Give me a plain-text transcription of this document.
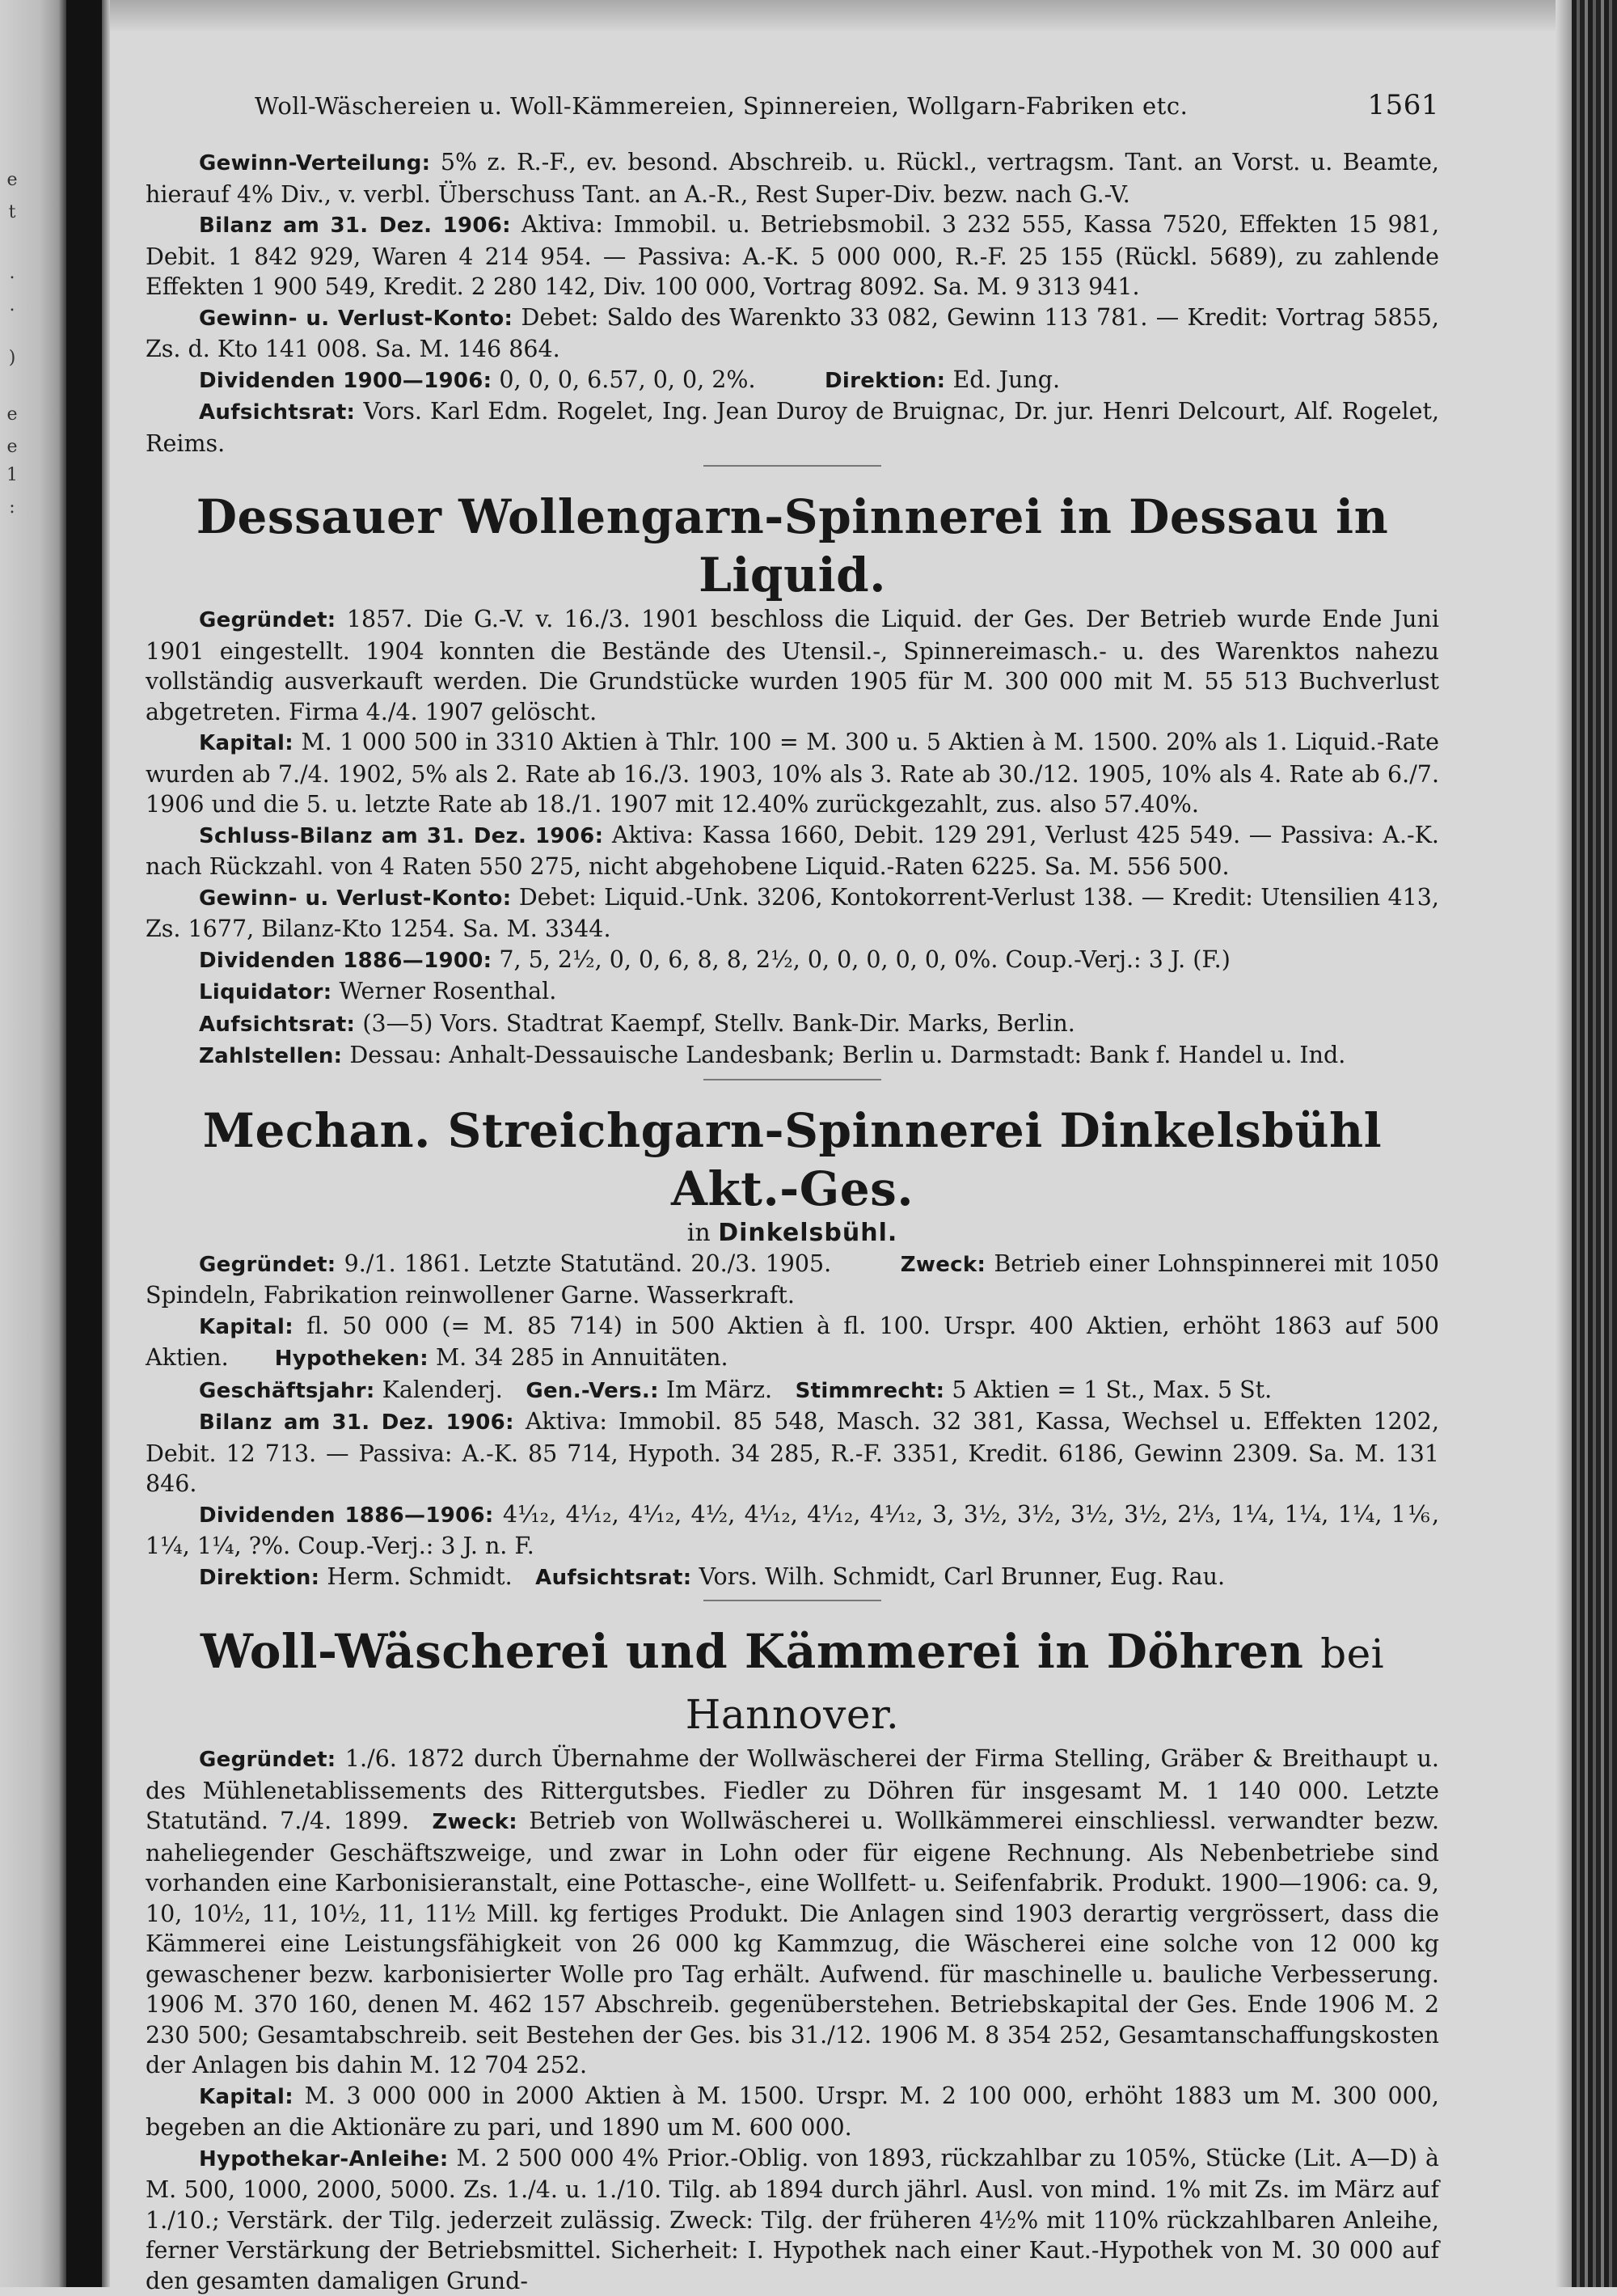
e
t
.
.
)
e
e
1
:
Woll-Wäschereien u. Woll-Kämmereien, Spinnereien, Wollgarn-Fabriken etc.	1561

Gewinn-Verteilung: 5% z. R.-F., ev. besond. Abschreib. u. Rückl., vertragsm. Tant. an Vorst. u. Beamte, hierauf 4% Div., v. verbl. Überschuss Tant. an A.-R., Rest Super-Div. bezw. nach G.-V.

Bilanz am 31. Dez. 1906: Aktiva: Immobil. u. Betriebsmobil. 3 232 555, Kassa 7520, Effekten 15 981, Debit. 1 842 929, Waren 4 214 954. — Passiva: A.-K. 5 000 000, R.-F. 25 155 (Rückl. 5689), zu zahlende Effekten 1 900 549, Kredit. 2 280 142, Div. 100 000, Vortrag 8092. Sa. M. 9 313 941.

Gewinn- u. Verlust-Konto: Debet: Saldo des Warenkto 33 082, Gewinn 113 781. — Kredit: Vortrag 5855, Zs. d. Kto 141 008. Sa. M. 146 864.

Dividenden 1900—1906: 0, 0, 0, 6.57, 0, 0, 2%.   	Direktion: Ed. Jung.

Aufsichtsrat: Vors. Karl Edm. Rogelet, Ing. Jean Duroy de Bruignac, Dr. jur. Henri Delcourt, Alf. Rogelet, Reims.

Dessauer Wollengarn-Spinnerei in Dessau in Liquid.

Gegründet: 1857. Die G.-V. v. 16./3. 1901 beschloss die Liquid. der Ges. Der Betrieb wurde Ende Juni 1901 eingestellt. 1904 konnten die Bestände des Utensil.-, Spinnereimasch.- u. des Warenktos nahezu vollständig ausverkauft werden. Die Grundstücke wurden 1905 für M. 300 000 mit M. 55 513 Buchverlust abgetreten. Firma 4./4. 1907 gelöscht.

Kapital: M. 1 000 500 in 3310 Aktien à Thlr. 100 = M. 300 u. 5 Aktien à M. 1500. 20% als 1. Liquid.-Rate wurden ab 7./4. 1902, 5% als 2. Rate ab 16./3. 1903, 10% als 3. Rate ab 30./12. 1905, 10% als 4. Rate ab 6./7. 1906 und die 5. u. letzte Rate ab 18./1. 1907 mit 12.40% zurückgezahlt, zus. also 57.40%.

Schluss-Bilanz am 31. Dez. 1906: Aktiva: Kassa 1660, Debit. 129 291, Verlust 425 549. — Passiva: A.-K. nach Rückzahl. von 4 Raten 550 275, nicht abgehobene Liquid.-Raten 6225. Sa. M. 556 500.

Gewinn- u. Verlust-Konto: Debet: Liquid.-Unk. 3206, Kontokorrent-Verlust 138. — Kredit: Utensilien 413, Zs. 1677, Bilanz-Kto 1254. Sa. M. 3344.

Dividenden 1886—1900: 7, 5, 2½, 0, 0, 6, 8, 8, 2½, 0, 0, 0, 0, 0, 0%. Coup.-Verj.: 3 J. (F.)

Liquidator: Werner Rosenthal.

Aufsichtsrat: (3—5) Vors. Stadtrat Kaempf, Stellv. Bank-Dir. Marks, Berlin.

Zahlstellen: Dessau: Anhalt-Dessauische Landesbank; Berlin u. Darmstadt: Bank f. Handel u. Ind.

Mechan. Streichgarn-Spinnerei Dinkelsbühl Akt.-Ges.

in Dinkelsbühl.

Gegründet: 9./1. 1861. Letzte Statutänd. 20./3. 1905.   	Zweck: Betrieb einer Lohnspinnerei mit 1050 Spindeln, Fabrikation reinwollener Garne. Wasserkraft.

Kapital: fl. 50 000 (= M. 85 714) in 500 Aktien à fl. 100. Urspr. 400 Aktien, erhöht 1863 auf 500 Aktien.   Hypotheken: M. 34 285 in Annuitäten.

Geschäftsjahr: Kalenderj.  Gen.-Vers.: Im März.  Stimmrecht: 5 Aktien = 1 St., Max. 5 St.

Bilanz am 31. Dez. 1906: Aktiva: Immobil. 85 548, Masch. 32 381, Kassa, Wechsel u. Effekten 1202, Debit. 12 713. — Passiva: A.-K. 85 714, Hypoth. 34 285, R.-F. 3351, Kredit. 6186, Gewinn 2309. Sa. M. 131 846.

Dividenden 1886—1906: 4¹⁄₁₂, 4¹⁄₁₂, 4¹⁄₁₂, 4½, 4¹⁄₁₂, 4¹⁄₁₂, 4¹⁄₁₂, 3, 3½, 3½, 3½, 3½, 2⅓, 1¼, 1¼, 1¼, 1⅙, 1¼, 1¼, ?%. Coup.-Verj.: 3 J. n. F.

Direktion: Herm. Schmidt.  Aufsichtsrat: Vors. Wilh. Schmidt, Carl Brunner, Eug. Rau.

Woll-Wäscherei und Kämmerei in Döhren bei Hannover.

Gegründet: 1./6. 1872 durch Übernahme der Wollwäscherei der Firma Stelling, Gräber & Breithaupt u. des Mühlenetablissements des Rittergutsbes. Fiedler zu Döhren für insgesamt M. 1 140 000. Letzte Statutänd. 7./4. 1899.  Zweck: Betrieb von Wollwäscherei u. Wollkämmerei einschliessl. verwandter bezw. naheliegender Geschäftszweige, und zwar in Lohn oder für eigene Rechnung. Als Nebenbetriebe sind vorhanden eine Karbonisieranstalt, eine Pottasche-, eine Wollfett- u. Seifenfabrik. Produkt. 1900—1906: ca. 9, 10, 10½, 11, 10½, 11, 11½ Mill. kg fertiges Produkt. Die Anlagen sind 1903 derartig vergrössert, dass die Kämmerei eine Leistungsfähigkeit von 26 000 kg Kammzug, die Wäscherei eine solche von 12 000 kg gewaschener bezw. karbonisierter Wolle pro Tag erhält. Aufwend. für maschinelle u. bauliche Verbesserung. 1906 M. 370 160, denen M. 462 157 Abschreib. gegenüberstehen. Betriebskapital der Ges. Ende 1906 M. 2 230 500; Gesamtabschreib. seit Bestehen der Ges. bis 31./12. 1906 M. 8 354 252, Gesamtanschaffungskosten der Anlagen bis dahin M. 12 704 252.

Kapital: M. 3 000 000 in 2000 Aktien à M. 1500. Urspr. M. 2 100 000, erhöht 1883 um M. 300 000, begeben an die Aktionäre zu pari, und 1890 um M. 600 000.

Hypothekar-Anleihe: M. 2 500 000 4% Prior.-Oblig. von 1893, rückzahlbar zu 105%, Stücke (Lit. A—D) à M. 500, 1000, 2000, 5000. Zs. 1./4. u. 1./10. Tilg. ab 1894 durch jährl. Ausl. von mind. 1% mit Zs. im März auf 1./10.; Verstärk. der Tilg. jederzeit zulässig. Zweck: Tilg. der früheren 4½% mit 110% rückzahlbaren Anleihe, ferner Verstärkung der Betriebsmittel. Sicherheit: I. Hypothek nach einer Kaut.-Hypothek von M. 30 000 auf den gesamten damaligen Grund-
